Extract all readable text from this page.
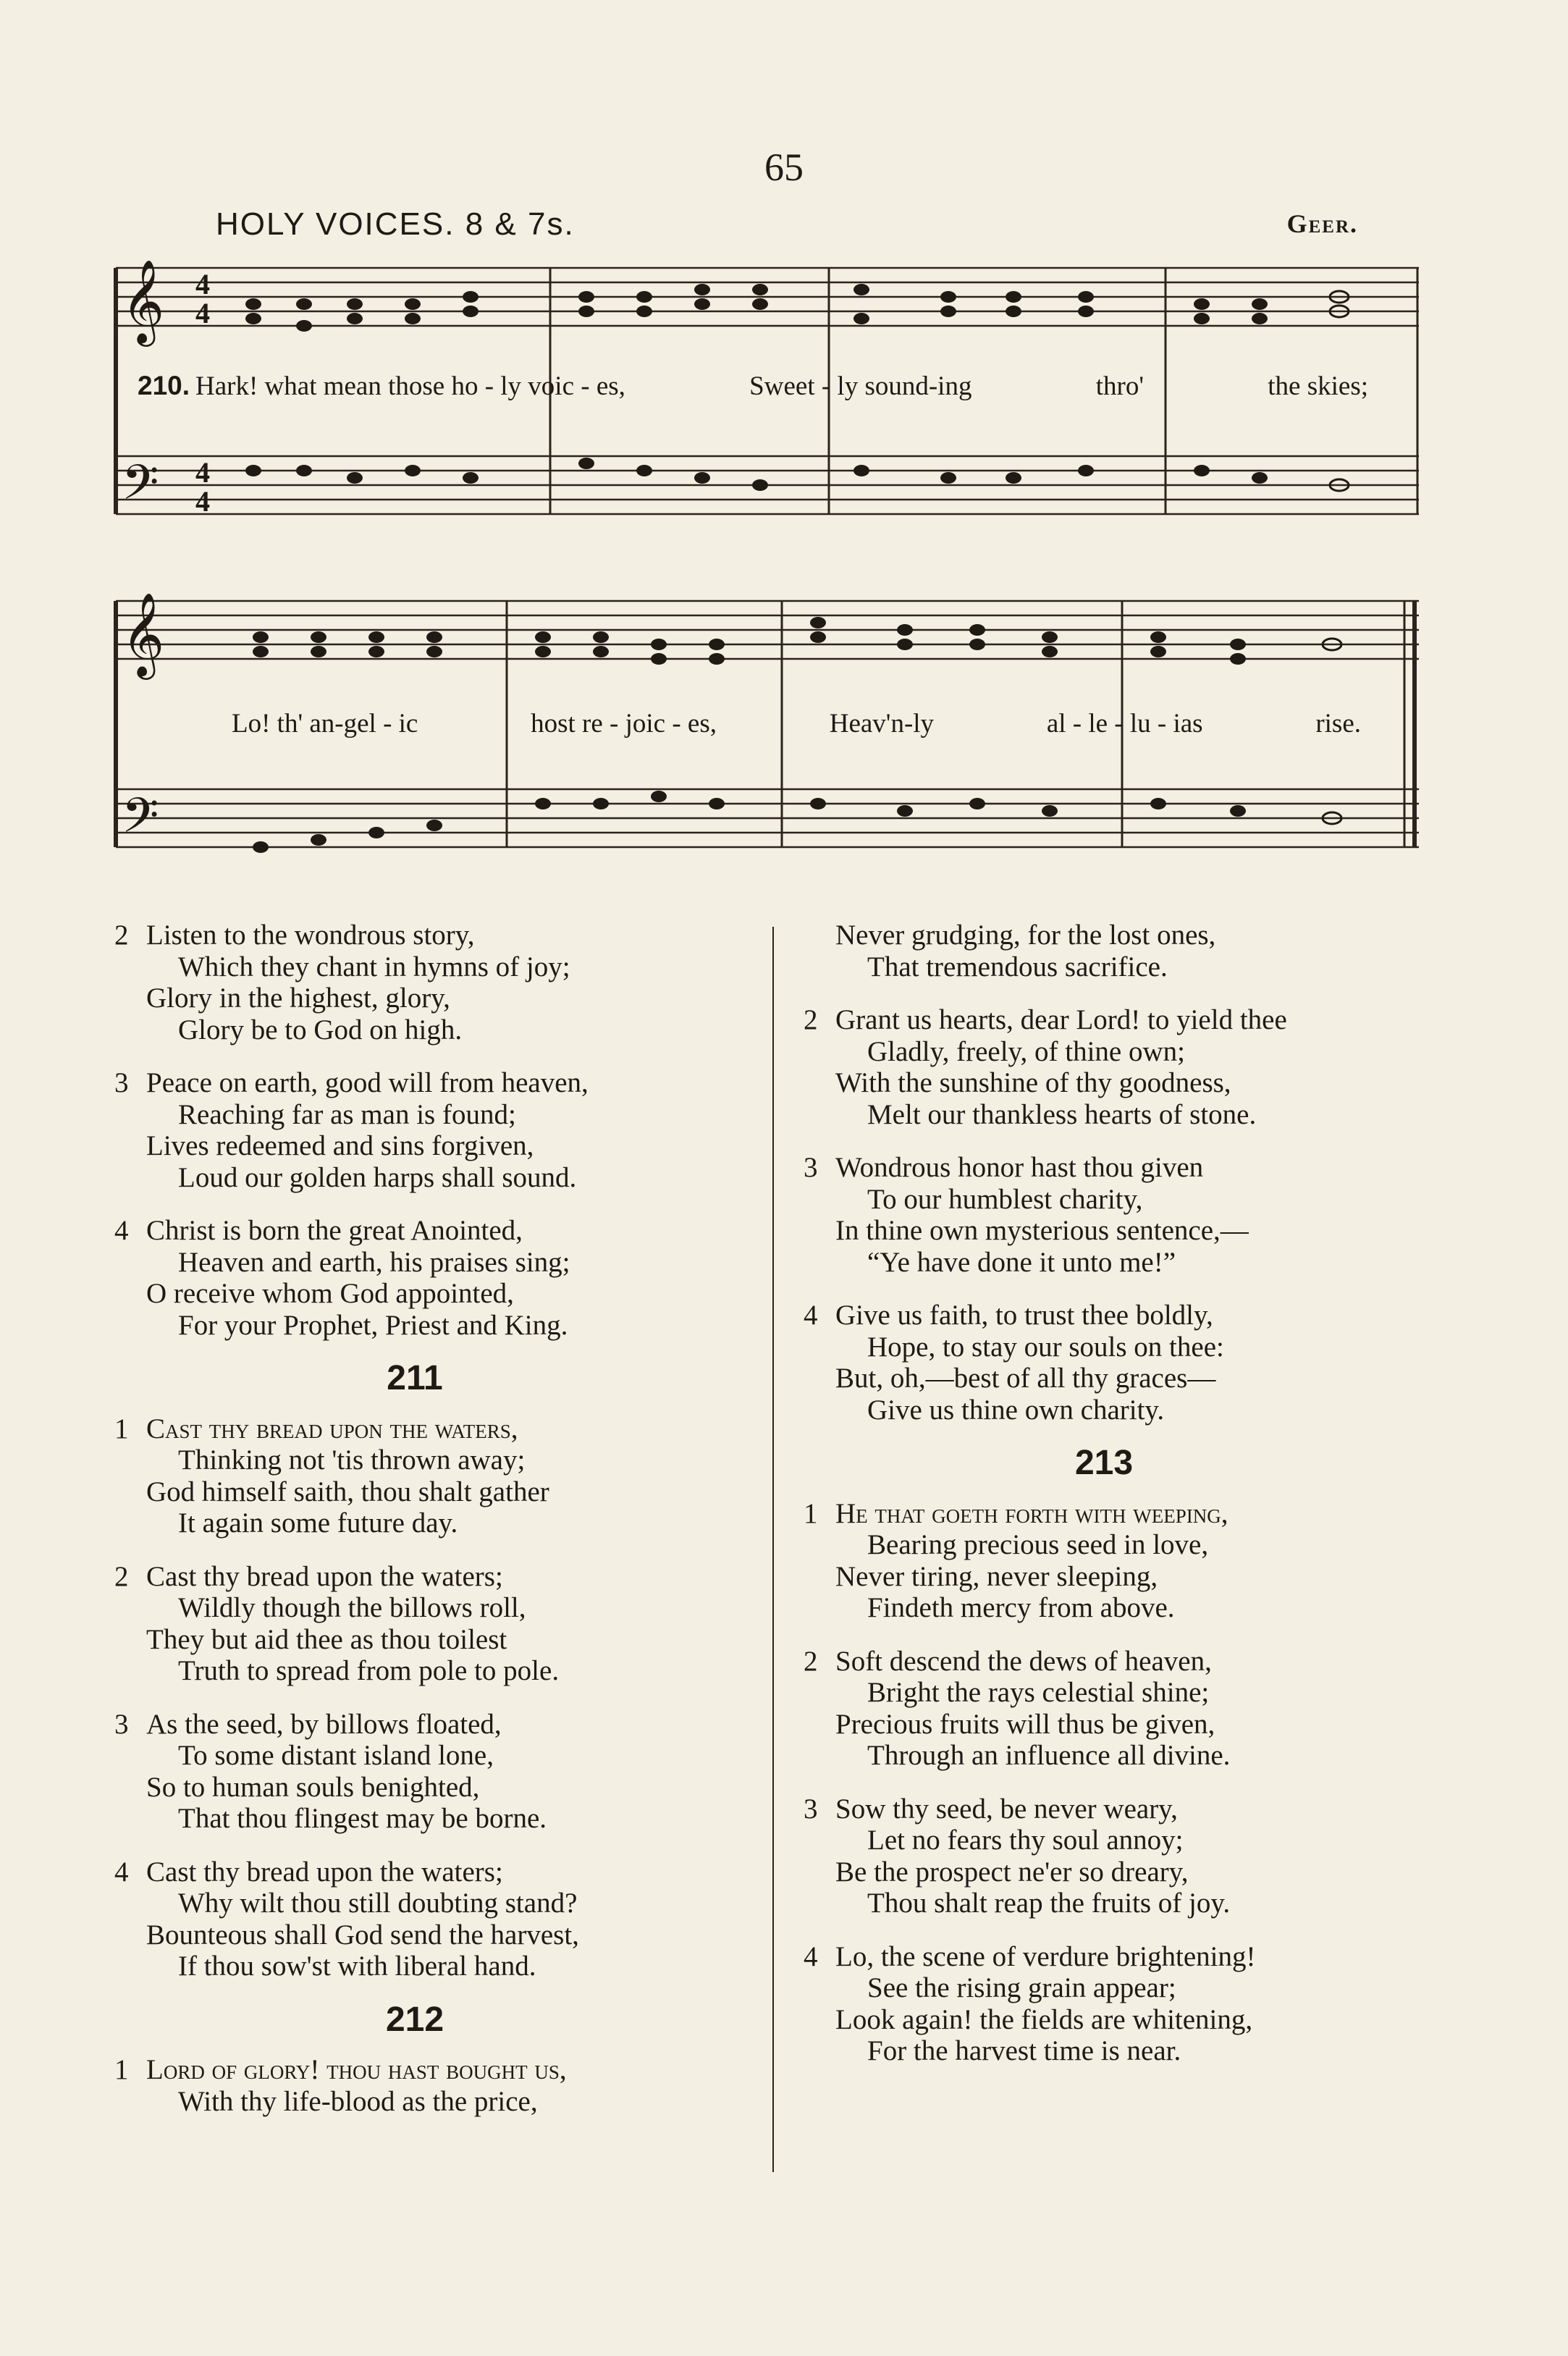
65
HOLY VOICES. 8 & 7s.	Geer.
𝄞
𝄢
4
4
4
4
210. Hark! what mean those ho - ly voic - es,	Sweet - ly sound-ing	thro'	the skies;
𝄞
𝄢
Lo! th' an-gel - ic	host re - joic - es,	Heav'n-ly	al - le - lu - ias	rise.
2 Listen to the wondrous story,
Which they chant in hymns of joy;
Glory in the highest, glory,
Glory be to God on high.
3 Peace on earth, good will from heaven,
Reaching far as man is found;
Lives redeemed and sins forgiven,
Loud our golden harps shall sound.
4 Christ is born the great Anointed,
Heaven and earth, his praises sing;
O receive whom God appointed,
For your Prophet, Priest and King.
211
1 Cast thy bread upon the waters,
Thinking not 'tis thrown away;
God himself saith, thou shalt gather
It again some future day.
2 Cast thy bread upon the waters;
Wildly though the billows roll,
They but aid thee as thou toilest
Truth to spread from pole to pole.
3 As the seed, by billows floated,
To some distant island lone,
So to human souls benighted,
That thou flingest may be borne.
4 Cast thy bread upon the waters;
Why wilt thou still doubting stand?
Bounteous shall God send the harvest,
If thou sow'st with liberal hand.
212
1 Lord of glory! thou hast bought us,
With thy life-blood as the price,
Never grudging, for the lost ones,
That tremendous sacrifice.
2 Grant us hearts, dear Lord! to yield thee
Gladly, freely, of thine own;
With the sunshine of thy goodness,
Melt our thankless hearts of stone.
3 Wondrous honor hast thou given
To our humblest charity,
In thine own mysterious sentence,—
“Ye have done it unto me!”
4 Give us faith, to trust thee boldly,
Hope, to stay our souls on thee:
But, oh,—best of all thy graces—
Give us thine own charity.
213
1 He that goeth forth with weeping,
Bearing precious seed in love,
Never tiring, never sleeping,
Findeth mercy from above.
2 Soft descend the dews of heaven,
Bright the rays celestial shine;
Precious fruits will thus be given,
Through an influence all divine.
3 Sow thy seed, be never weary,
Let no fears thy soul annoy;
Be the prospect ne'er so dreary,
Thou shalt reap the fruits of joy.
4 Lo, the scene of verdure brightening!
See the rising grain appear;
Look again! the fields are whitening,
For the harvest time is near.
